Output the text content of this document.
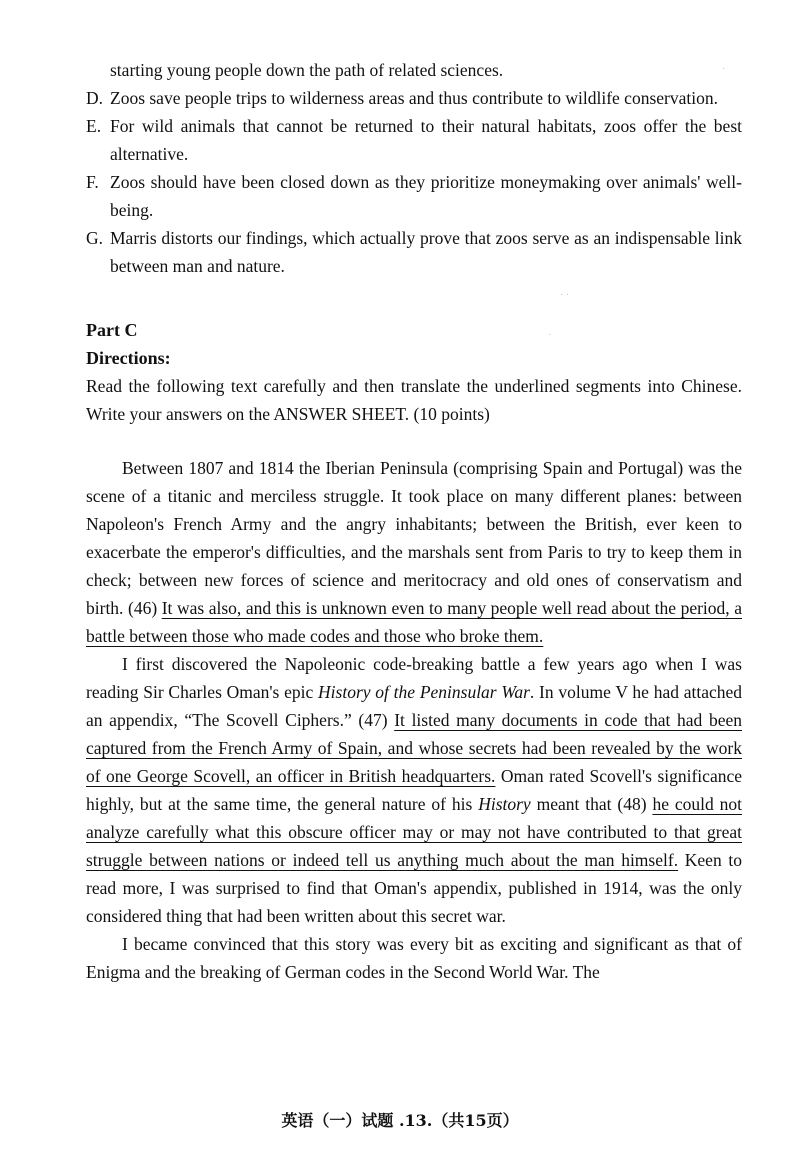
starting young people down the path of related sciences.

D. Zoos save people trips to wilderness areas and thus contribute to wildlife conservation.
E. For wild animals that cannot be returned to their natural habitats, zoos offer the best alternative.
F. Zoos should have been closed down as they prioritize moneymaking over animals' well-being.
G. Marris distorts our findings, which actually prove that zoos serve as an indispensable link between man and nature.

Part C

Directions:

Read the following text carefully and then translate the underlined segments into Chinese. Write your answers on the ANSWER SHEET. (10 points)

Between 1807 and 1814 the Iberian Peninsula (comprising Spain and Portugal) was the scene of a titanic and merciless struggle. It took place on many different planes: between Napoleon's French Army and the angry inhabitants; between the British, ever keen to exacerbate the emperor's difficulties, and the marshals sent from Paris to try to keep them in check; between new forces of science and meritocracy and old ones of conservatism and birth. (46) It was also, and this is unknown even to many people well read about the period, a battle between those who made codes and those who broke them.

I first discovered the Napoleonic code-breaking battle a few years ago when I was reading Sir Charles Oman's epic History of the Peninsular War. In volume V he had attached an appendix, “The Scovell Ciphers.” (47) It listed many documents in code that had been captured from the French Army of Spain, and whose secrets had been revealed by the work of one George Scovell, an officer in British headquarters. Oman rated Scovell's significance highly, but at the same time, the general nature of his History meant that (48) he could not analyze carefully what this obscure officer may or may not have contributed to that great struggle between nations or indeed tell us anything much about the man himself. Keen to read more, I was surprised to find that Oman's appendix, published in 1914, was the only considered thing that had been written about this secret war.

I became convinced that this story was every bit as exciting and significant as that of Enigma and the breaking of German codes in the Second World War. The

英语（一）试题 .13.（共15页）
·
· ·
·
